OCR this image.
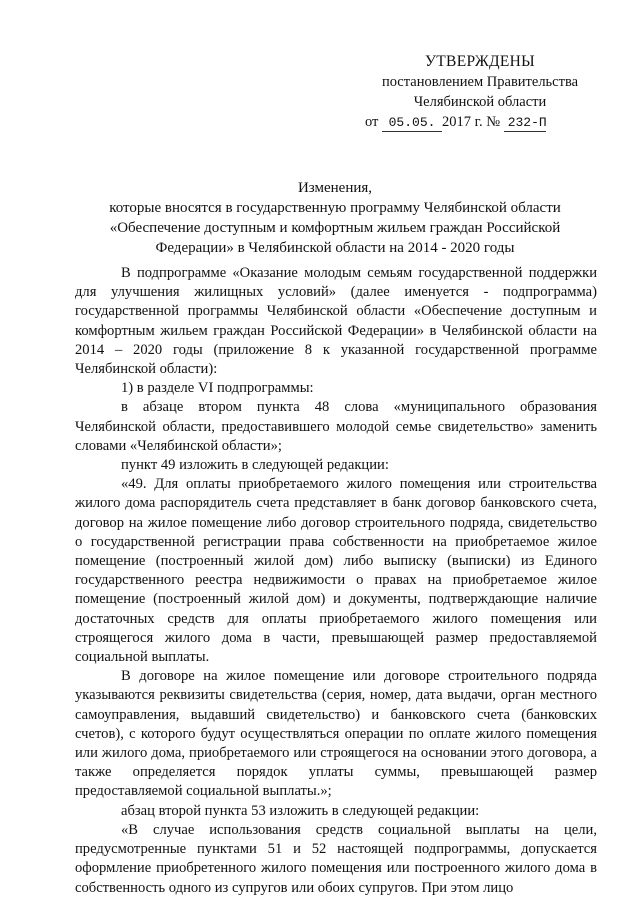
УТВЕРЖДЕНЫ
постановлением Правительства
Челябинской области
от 05.05. 2017 г. № 232-П
Изменения,
которые вносятся в государственную программу Челябинской области
«Обеспечение доступным и комфортным жильем граждан Российской
Федерации» в Челябинской области на 2014 - 2020 годы

В подпрограмме «Оказание молодым семьям государственной поддержки для улучшения жилищных условий» (далее именуется - подпрограмма) государственной программы Челябинской области «Обеспечение доступным и комфортным жильем граждан Российской Федерации» в Челябинской области на 2014 – 2020 годы (приложение 8 к указанной государственной программе Челябинской области):

1) в разделе VI подпрограммы:

в абзаце втором пункта 48 слова «муниципального образования Челябинской области, предоставившего молодой семье свидетельство» заменить словами «Челябинской области»;

пункт 49 изложить в следующей редакции:

«49. Для оплаты приобретаемого жилого помещения или строительства жилого дома распорядитель счета представляет в банк договор банковского счета, договор на жилое помещение либо договор строительного подряда, свидетельство о государственной регистрации права собственности на приобретаемое жилое помещение (построенный жилой дом) либо выписку (выписки) из Единого государственного реестра недвижимости о правах на приобретаемое жилое помещение (построенный жилой дом) и документы, подтверждающие наличие достаточных средств для оплаты приобретаемого жилого помещения или строящегося жилого дома в части, превышающей размер предоставляемой социальной выплаты.

В договоре на жилое помещение или договоре строительного подряда указываются реквизиты свидетельства (серия, номер, дата выдачи, орган местного самоуправления, выдавший свидетельство) и банковского счета (банковских счетов), с которого будут осуществляться операции по оплате жилого помещения или жилого дома, приобретаемого или строящегося на основании этого договора, а также определяется порядок уплаты суммы, превышающей размер предоставляемой социальной выплаты.»;

абзац второй пункта 53 изложить в следующей редакции:

«В случае использования средств социальной выплаты на цели, предусмотренные пунктами 51 и 52 настоящей подпрограммы, допускается оформление приобретенного жилого помещения или построенного жилого дома в собственность одного из супругов или обоих супругов. При этом лицо
